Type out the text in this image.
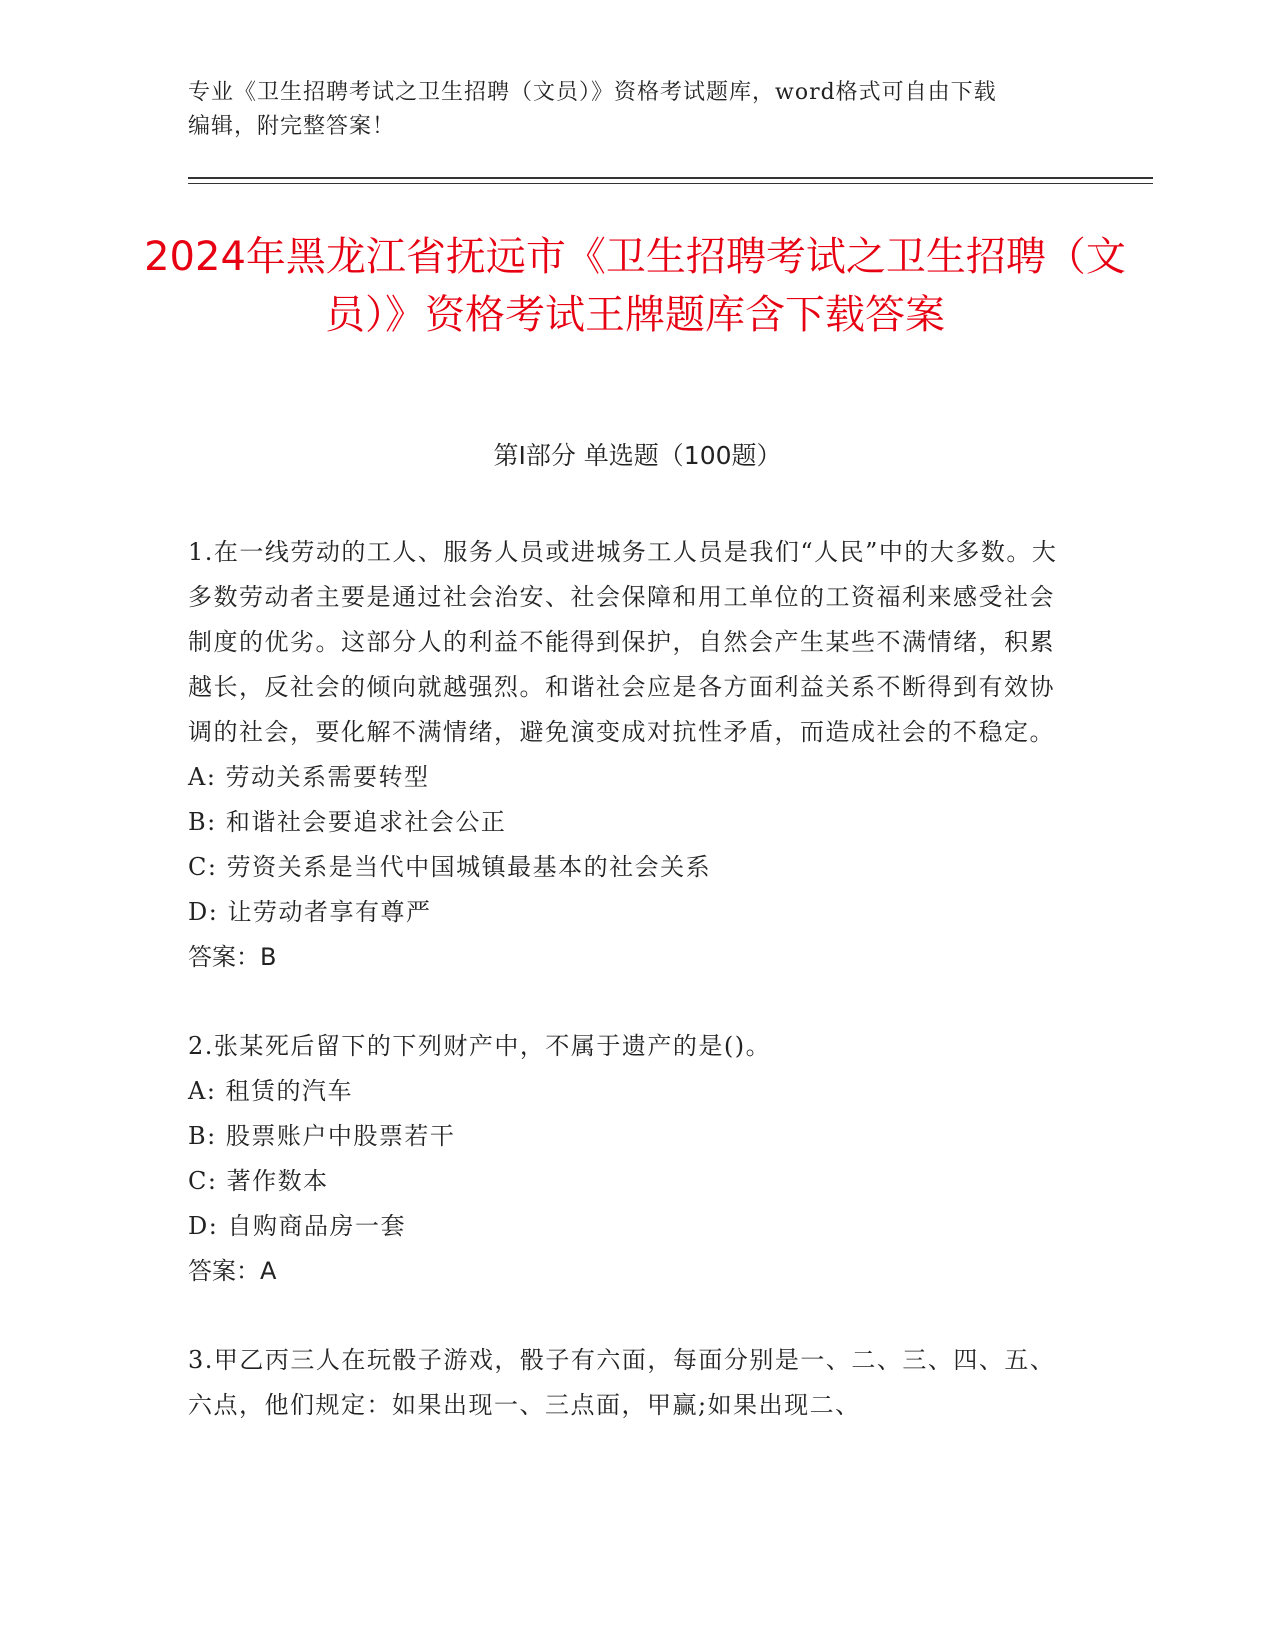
专业《卫生招聘考试之卫生招聘（文员）》资格考试题库，word格式可自由下载
编辑，附完整答案！
2024年黑龙江省抚远市《卫生招聘考试之卫生招聘（文员）》资格考试王牌题库含下载答案
第Ⅰ部分 单选题（100题）

1.在一线劳动的工人、服务人员或进城务工人员是我们“人民”中的大多数。大多数劳动者主要是通过社会治安、社会保障和用工单位的工资福利来感受社会制度的优劣。这部分人的利益不能得到保护，自然会产生某些不满情绪，积累越长，反社会的倾向就越强烈。和谐社会应是各方面利益关系不断得到有效协调的社会，要化解不满情绪，避免演变成对抗性矛盾，而造成社会的不稳定。

A: 劳动关系需要转型

B: 和谐社会要追求社会公正

C: 劳资关系是当代中国城镇最基本的社会关系

D: 让劳动者享有尊严

答案：B

2.张某死后留下的下列财产中，不属于遗产的是()。

A: 租赁的汽车

B: 股票账户中股票若干

C: 著作数本

D: 自购商品房一套

答案：A

3.甲乙丙三人在玩骰子游戏，骰子有六面，每面分别是一、二、三、四、五、六点，他们规定：如果出现一、三点面，甲赢;如果出现二、
